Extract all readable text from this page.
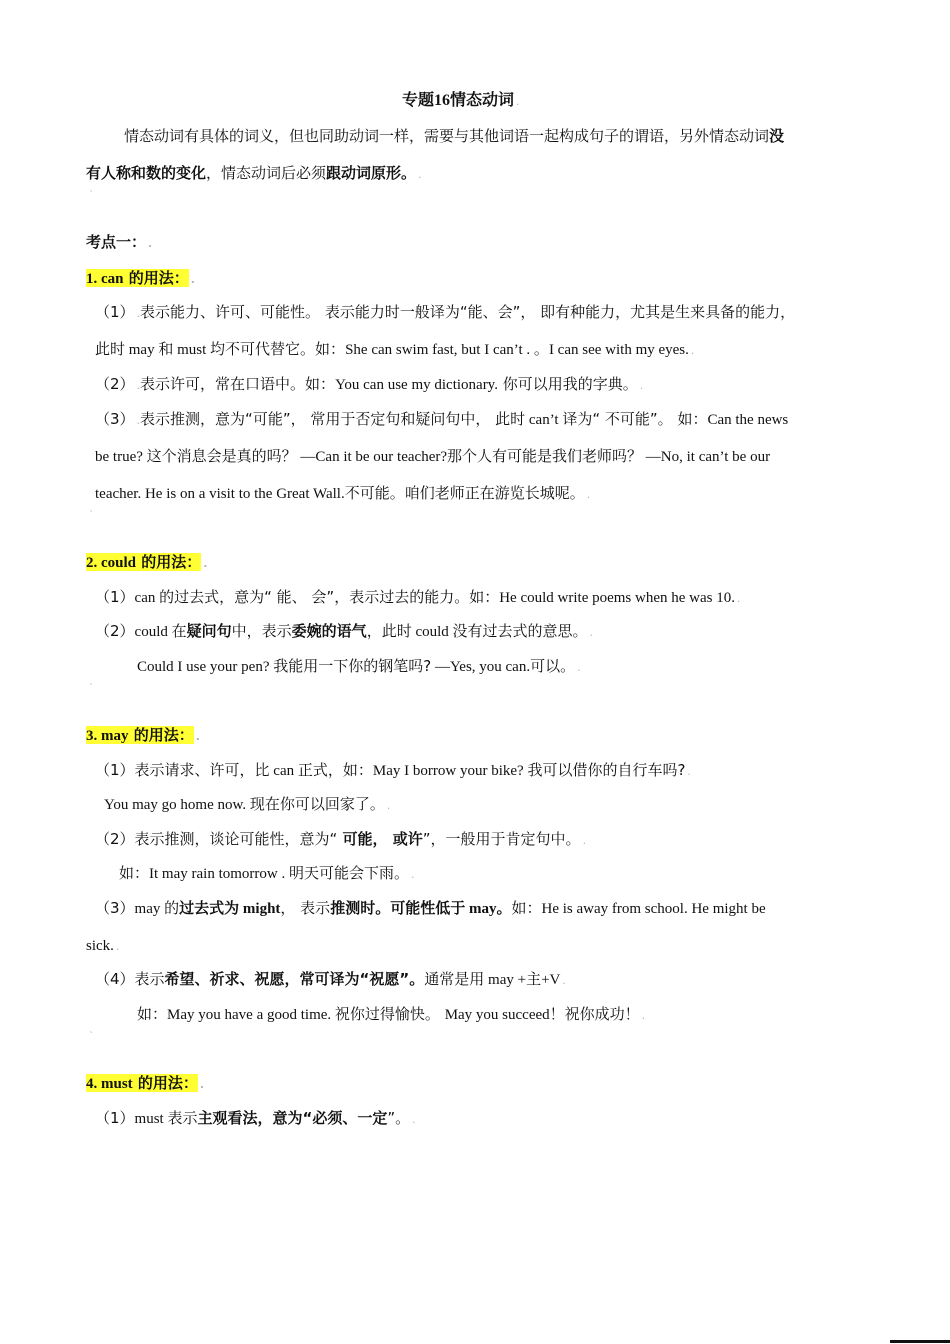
专题16情态动词 .
情态动词有具体的词义，但也同助动词一样，需要与其他词语一起构成句子的谓语，另外情态动词没
有人称和数的变化，情态动词后必须跟动词原形。 .
`
考点一： .
1. can 的用法： .
（1） .表示能力、许可、可能性。 表示能力时一般译为“能、会”， 即有种能力，尤其是生来具备的能力，
此时 may 和 must 均不可代替它。如：She can swim fast, but I can’t . 。I can see with my eyes. .
（2） .表示许可，常在口语中。如：You can use my dictionary. 你可以用我的字典。 .
（3） .表示推测，意为“可能”， 常用于否定句和疑问句中， 此时 can’t 译为“ 不可能”。 如：Can the news
be true? 这个消息会是真的吗？ —Can it be our teacher?那个人有可能是我们老师吗？ —No, it can’t be our
teacher. He is on a visit to the Great Wall.不可能。咱们老师正在游览长城呢。 .
`
2. could 的用法： .
（1）can 的过去式，意为“ 能、 会”，表示过去的能力。如：He could write poems when he was 10. .
（2）could 在疑问句中，表示委婉的语气，此时 could 没有过去式的意思。 .
Could I use your pen? 我能用一下你的钢笔吗? —Yes, you can.可以。 .
`
3. may 的用法： .
（1）表示请求、许可，比 can 正式，如：May I borrow your bike? 我可以借你的自行车吗? .
You may go home now. 现在你可以回家了。 .
（2）表示推测，谈论可能性，意为“ 可能， 或许”，一般用于肯定句中。 .
如：It may rain tomorrow . 明天可能会下雨。 .
（3）may 的过去式为 might， 表示推测时。可能性低于 may。如：He is away from school. He might be
sick. .
（4）表示希望、祈求、祝愿，常可译为“祝愿”。通常是用 may +主+V .
如：May you have a good time. 祝你过得愉快。 May you succeed！祝你成功！ .
`
4. must 的用法： .
（1）must 表示主观看法，意为“必须、一定”。 .
